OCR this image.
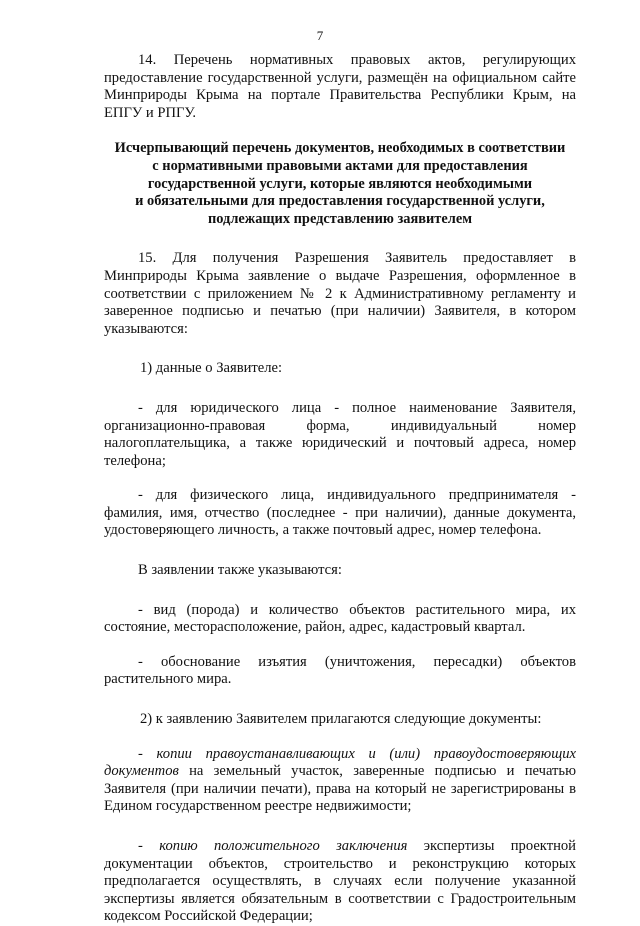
7

14. Перечень нормативных правовых актов, регулирующих предоставление государственной услуги, размещён на официальном сайте Минприроды Крыма на портале Правительства Республики Крым, на ЕПГУ и РПГУ.

Исчерпывающий перечень документов, необходимых в соответствии
с нормативными правовыми актами для предоставления
государственной услуги, которые являются необходимыми
и обязательными для предоставления государственной услуги,
подлежащих представлению заявителем

15. Для получения Разрешения Заявитель предоставляет в Минприроды Крыма заявление о выдаче Разрешения, оформленное в соответствии с приложением № 2 к Административному регламенту и заверенное подписью и печатью (при наличии) Заявителя, в котором указываются:

1) данные о Заявителе:

- для юридического лица - полное наименование Заявителя, организационно-правовая форма, индивидуальный номер налогоплательщика, а также юридический и почтовый адреса, номер телефона;

- для физического лица, индивидуального предпринимателя - фамилия, имя, отчество (последнее - при наличии), данные документа, удостоверяющего личность, а также почтовый адрес, номер телефона.

В заявлении также указываются:

- вид (порода) и количество объектов растительного мира, их состояние, месторасположение, район, адрес, кадастровый квартал.

- обоснование изъятия (уничтожения, пересадки) объектов растительного мира.

2) к заявлению Заявителем прилагаются следующие документы:

- копии правоустанавливающих и (или) правоудостоверяющих документов на земельный участок, заверенные подписью и печатью Заявителя (при наличии печати), права на который не зарегистрированы в Едином государственном реестре недвижимости;

- копию положительного заключения экспертизы проектной документации объектов, строительство и реконструкцию которых предполагается осуществлять, в случаях если получение указанной экспертизы является обязательным в соответствии с Градостроительным кодексом Российской Федерации;
